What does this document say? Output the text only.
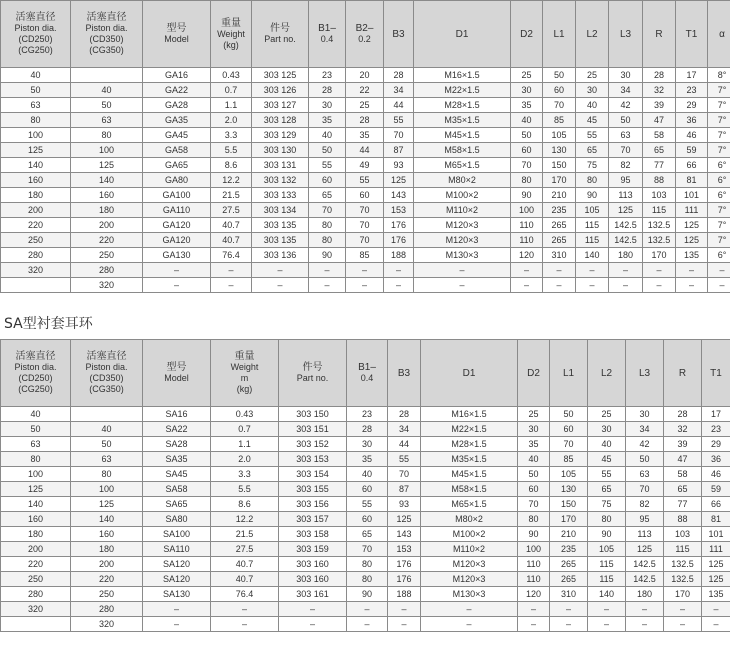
活塞直径
Piston dia.
(CD250)
(CG250)	活塞直径
Piston dia.
(CD350)
(CG350)	型号
Model	重量
Weight
(kg)	件号
Part no.	B1–
0.4	B2–
0.2	B3	D1	D2	L1	L2	L3	R	T1	α

40		GA16	0.43	303 125	23	20	28	M16×1.5	25	50	25	30	28	17	8°
50	40	GA22	0.7	303 126	28	22	34	M22×1.5	30	60	30	34	32	23	7°
63	50	GA28	1.1	303 127	30	25	44	M28×1.5	35	70	40	42	39	29	7°
80	63	GA35	2.0	303 128	35	28	55	M35×1.5	40	85	45	50	47	36	7°
100	80	GA45	3.3	303 129	40	35	70	M45×1.5	50	105	55	63	58	46	7°
125	100	GA58	5.5	303 130	50	44	87	M58×1.5	60	130	65	70	65	59	7°
140	125	GA65	8.6	303 131	55	49	93	M65×1.5	70	150	75	82	77	66	6°
160	140	GA80	12.2	303 132	60	55	125	M80×2	80	170	80	95	88	81	6°
180	160	GA100	21.5	303 133	65	60	143	M100×2	90	210	90	113	103	101	6°
200	180	GA110	27.5	303 134	70	70	153	M110×2	100	235	105	125	115	111	7°
220	200	GA120	40.7	303 135	80	70	176	M120×3	110	265	115	142.5	132.5	125	7°
250	220	GA120	40.7	303 135	80	70	176	M120×3	110	265	115	142.5	132.5	125	7°
280	250	GA130	76.4	303 136	90	85	188	M130×3	120	310	140	180	170	135	6°
320	280	–	–	–	–	–	–	–	–	–	–	–	–	–	–
	320	–	–	–	–	–	–	–	–	–	–	–	–	–	–
SA型衬套耳环
活塞直径
Piston dia.
(CD250)
(CG250)	活塞直径
Piston dia.
(CD350)
(CG350)	型号
Model	重量
Weight
m
(kg)	件号
Part no.	B1–
0.4	B3	D1	D2	L1	L2	L3	R	T1

40		SA16	0.43	303 150	23	28	M16×1.5	25	50	25	30	28	17
50	40	SA22	0.7	303 151	28	34	M22×1.5	30	60	30	34	32	23
63	50	SA28	1.1	303 152	30	44	M28×1.5	35	70	40	42	39	29
80	63	SA35	2.0	303 153	35	55	M35×1.5	40	85	45	50	47	36
100	80	SA45	3.3	303 154	40	70	M45×1.5	50	105	55	63	58	46
125	100	SA58	5.5	303 155	60	87	M58×1.5	60	130	65	70	65	59
140	125	SA65	8.6	303 156	55	93	M65×1.5	70	150	75	82	77	66
160	140	SA80	12.2	303 157	60	125	M80×2	80	170	80	95	88	81
180	160	SA100	21.5	303 158	65	143	M100×2	90	210	90	113	103	101
200	180	SA110	27.5	303 159	70	153	M110×2	100	235	105	125	115	111
220	200	SA120	40.7	303 160	80	176	M120×3	110	265	115	142.5	132.5	125
250	220	SA120	40.7	303 160	80	176	M120×3	110	265	115	142.5	132.5	125
280	250	SA130	76.4	303 161	90	188	M130×3	120	310	140	180	170	135
320	280	–	–	–	–	–	–	–	–	–	–	–	–
	320	–	–	–	–	–	–	–	–	–	–	–	–
